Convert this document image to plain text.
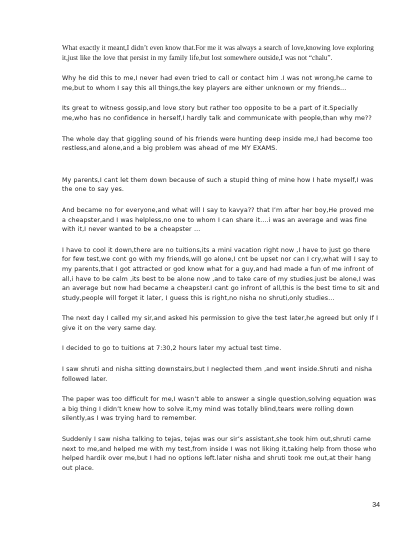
What exactly it meant,I didn’t even know that.For me it was always a search of love,knowing love exploring it,just like the love that persist in my family life,but lost somewhere outside,I was not “chalu”.

Why he did this to me,I never had even tried to call or contact him .I was not wrong,he came to me,but to whom I say this all things,the key players are either unknown or my friends…

Its great to witness gossip,and love story but rather too opposite to be a part of it.Specially me,who has no confidence in herself,I hardly talk and communicate with people,than why me??

The whole day that giggling sound of his friends were hunting deep inside me,I had become too restless,and alone,and a big problem was ahead of me MY EXAMS.

My parents,I cant let them down because of such a stupid thing of mine how I hate myself,I was the one to say yes.

And became no for everyone,and what will I say to kavya?? that I’m after her boy,He proved me a cheapster,and I was helpless,no one to whom I can share it….i was an average and was fine with it,I never wanted to be a cheapster …

I have to cool it down,there are no tuitions,its a mini vacation right now ,I have to just go there for few test,we cont go with my friends,will go alone,I cnt be upset nor can I cry,what will I say to my parents,that I got attracted or god know what for a guy,and had made a fun of me infront of all,i have to be calm ,its best to be alone now ,and to take care of my studies.just be alone,I was an average but now had became a cheapster.I cant go infront of all,this is the best time to sit and study,people will forget it later, I guess this is right,no nisha no shruti,only studies…

The next day I called my sir,and asked his permission to give the test later,he agreed but only If I give it on the very same day.

I decided to go to tuitions at 7:30,2 hours later my actual test time.

I saw shruti and nisha sitting downstairs,but I neglected them ,and went inside.Shruti and nisha followed later.

The paper was too difficult for me,I wasn’t able to answer a single question,solving equation was a big thing I didn’t knew how to solve it,my mind was totally blind,tears were rolling down silently,as I was trying hard to remember.

Suddenly I saw nisha talking to tejas, tejas was our sir’s assistant,she took him out,shruti came next to me,and helped me with my test,from inside I was not liking it,taking help from those who helped hardik over me,but I had no options left.later nisha and shruti took me out,at their hang out place.

34
